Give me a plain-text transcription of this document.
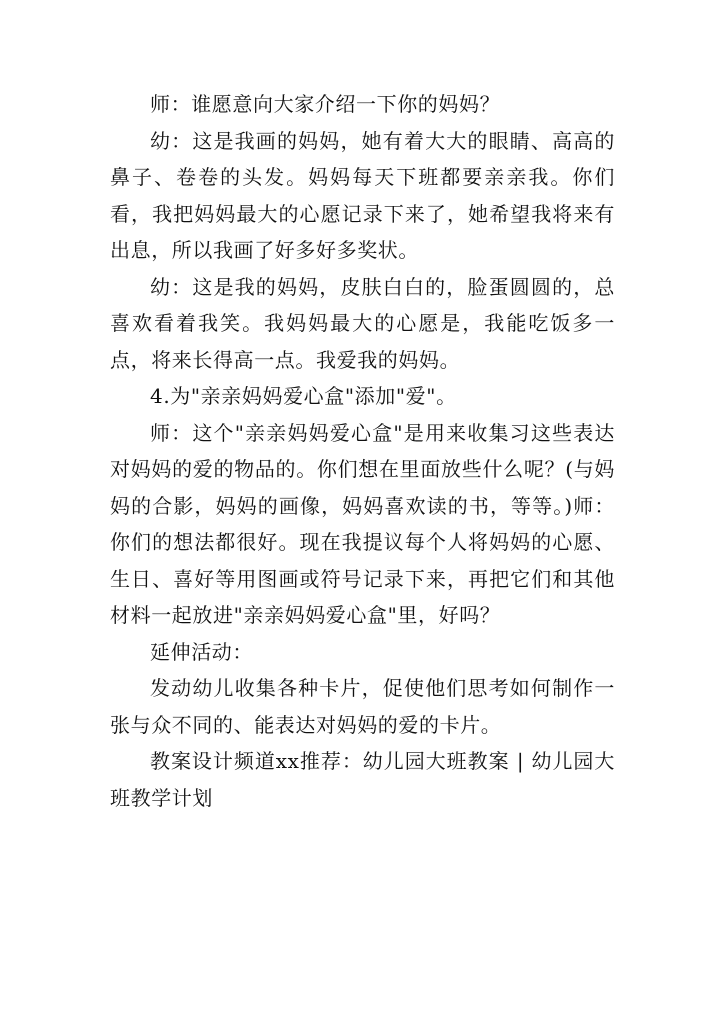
师：谁愿意向大家介绍一下你的妈妈？

幼：这是我画的妈妈，她有着大大的眼睛、高高的鼻子、卷卷的头发。妈妈每天下班都要亲亲我。你们看，我把妈妈最大的心愿记录下来了，她希望我将来有出息，所以我画了好多好多奖状。

幼：这是我的妈妈，皮肤白白的，脸蛋圆圆的，总喜欢看着我笑。我妈妈最大的心愿是，我能吃饭多一点，将来长得高一点。我爱我的妈妈。

4.为"亲亲妈妈爱心盒"添加"爱"。

师：这个"亲亲妈妈爱心盒"是用来收集习这些表达对妈妈的爱的物品的。你们想在里面放些什么呢？(与妈妈的合影，妈妈的画像，妈妈喜欢读的书，等等。)师：你们的想法都很好。现在我提议每个人将妈妈的心愿、生日、喜好等用图画或符号记录下来，再把它们和其他材料一起放进"亲亲妈妈爱心盒"里，好吗？

延伸活动：

发动幼儿收集各种卡片，促使他们思考如何制作一张与众不同的、能表达对妈妈的爱的卡片。

教案设计频道xx推荐：幼儿园大班教案 | 幼儿园大班教学计划
